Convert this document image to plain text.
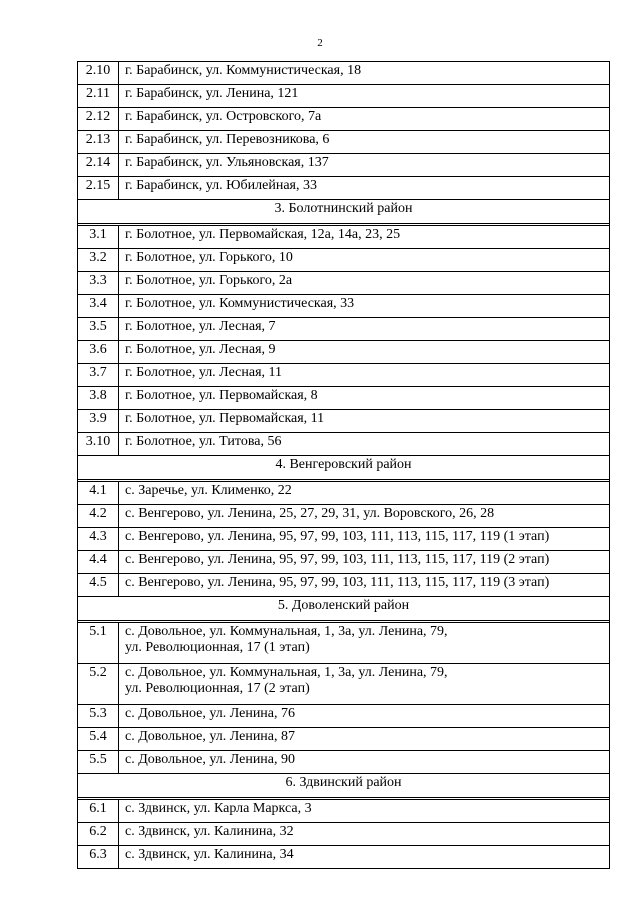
2
2.10	г. Барабинск, ул. Коммунистическая, 18

2.11	г. Барабинск, ул. Ленина, 121

2.12	г. Барабинск, ул. Островского, 7а

2.13	г. Барабинск, ул. Перевозникова, 6

2.14	г. Барабинск, ул. Ульяновская, 137

2.15	г. Барабинск, ул. Юбилейная, 33

3. Болотнинский район	

3.1	г. Болотное, ул. Первомайская, 12а, 14а, 23, 25

3.2	г. Болотное, ул. Горького, 10

3.3	г. Болотное, ул. Горького, 2а

3.4	г. Болотное, ул. Коммунистическая, 33

3.5	г. Болотное, ул. Лесная, 7

3.6	г. Болотное, ул. Лесная, 9

3.7	г. Болотное, ул. Лесная, 11

3.8	г. Болотное, ул. Первомайская, 8

3.9	г. Болотное, ул. Первомайская, 11

3.10	г. Болотное, ул. Титова, 56

4. Венгеровский район	

4.1	с. Заречье, ул. Клименко, 22

4.2	с. Венгерово, ул. Ленина, 25, 27, 29, 31, ул. Воровского, 26, 28

4.3	с. Венгерово, ул. Ленина, 95, 97, 99, 103, 111, 113, 115, 117, 119 (1 этап)

4.4	с. Венгерово, ул. Ленина, 95, 97, 99, 103, 111, 113, 115, 117, 119 (2 этап)

4.5	с. Венгерово, ул. Ленина, 95, 97, 99, 103, 111, 113, 115, 117, 119 (3 этап)

5. Доволенский район	

5.1	с. Довольное, ул. Коммунальная, 1, 3а, ул. Ленина, 79,
ул. Революционная, 17 (1 этап)

5.2	с. Довольное, ул. Коммунальная, 1, 3а, ул. Ленина, 79,
ул. Революционная, 17 (2 этап)

5.3	с. Довольное, ул. Ленина, 76

5.4	с. Довольное, ул. Ленина, 87

5.5	с. Довольное, ул. Ленина, 90

6. Здвинский район	

6.1	с. Здвинск, ул. Карла Маркса, 3

6.2	с. Здвинск, ул. Калинина, 32

6.3	с. Здвинск, ул. Калинина, 34
